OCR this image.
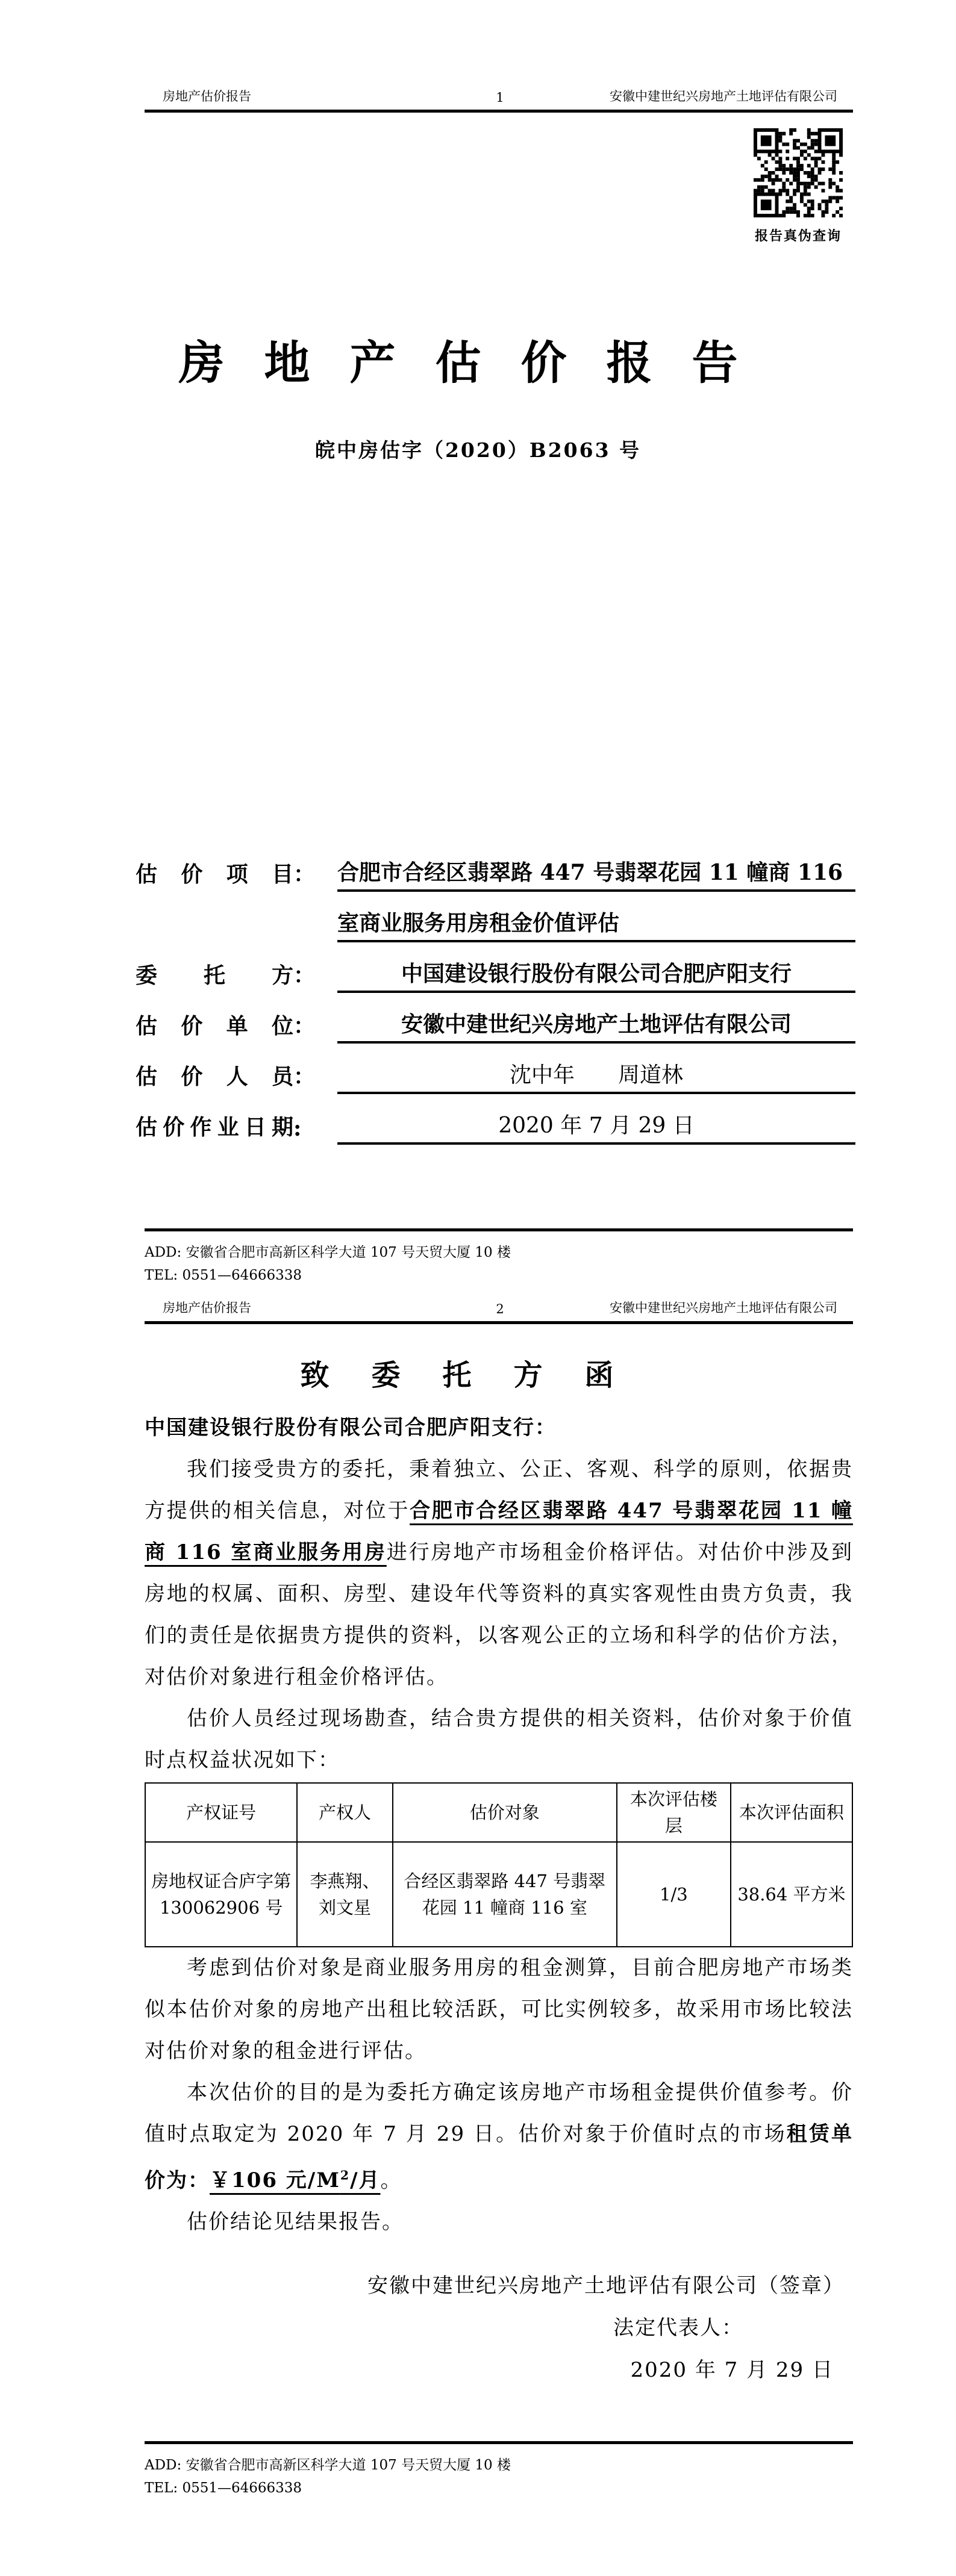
房地产估价报告	1	安徽中建世纪兴房地产土地评估有限公司
报告真伪查询
房地产估价报告
皖中房估字（2020）B2063 号
估价项目 ： 合肥市合经区翡翠路 447 号翡翠花园 11 幢商 116
室商业服务用房租金价值评估
委托方 ：	中国建设银行股份有限公司合肥庐阳支行
估价单位 ：	安徽中建世纪兴房地产土地评估有限公司
估价人员 ：	沈中年　　周道林
估价作业日期 :	2020 年 7 月 29 日
ADD: 安徽省合肥市高新区科学大道 107 号天贸大厦 10 楼
TEL: 0551—64666338
房地产估价报告	2	安徽中建世纪兴房地产土地评估有限公司
致委托方函
中国建设银行股份有限公司合肥庐阳支行：

我们接受贵方的委托，秉着独立、公正、客观、科学的原则，依据贵方提供的相关信息，对位于合肥市合经区翡翠路 447 号翡翠花园 11 幢商 116 室商业服务用房进行房地产市场租金价格评估。对估价中涉及到房地的权属、面积、房型、建设年代等资料的真实客观性由贵方负责，我们的责任是依据贵方提供的资料，以客观公正的立场和科学的估价方法，对估价对象进行租金价格评估。

估价人员经过现场勘查，结合贵方提供的相关资料，估价对象于价值时点权益状况如下：

产权证号	产权人	估价对象	本次评估楼层	本次评估面积
房地权证合庐字第 130062906 号	李燕翔、刘文星	合经区翡翠路 447 号翡翠花园 11 幢商 116 室	1/3	38.64 平方米

考虑到估价对象是商业服务用房的租金测算，目前合肥房地产市场类似本估价对象的房地产出租比较活跃，可比实例较多，故采用市场比较法对估价对象的租金进行评估。

本次估价的目的是为委托方确定该房地产市场租金提供价值参考。价值时点取定为 2020 年 7 月 29 日。估价对象于价值时点的市场租赁单价为：￥106 元$/M^2/$月。

估价结论见结果报告。

安徽中建世纪兴房地产土地评估有限公司（签章）
法定代表人：
2020 年 7 月 29 日
ADD: 安徽省合肥市高新区科学大道 107 号天贸大厦 10 楼
TEL: 0551—64666338
